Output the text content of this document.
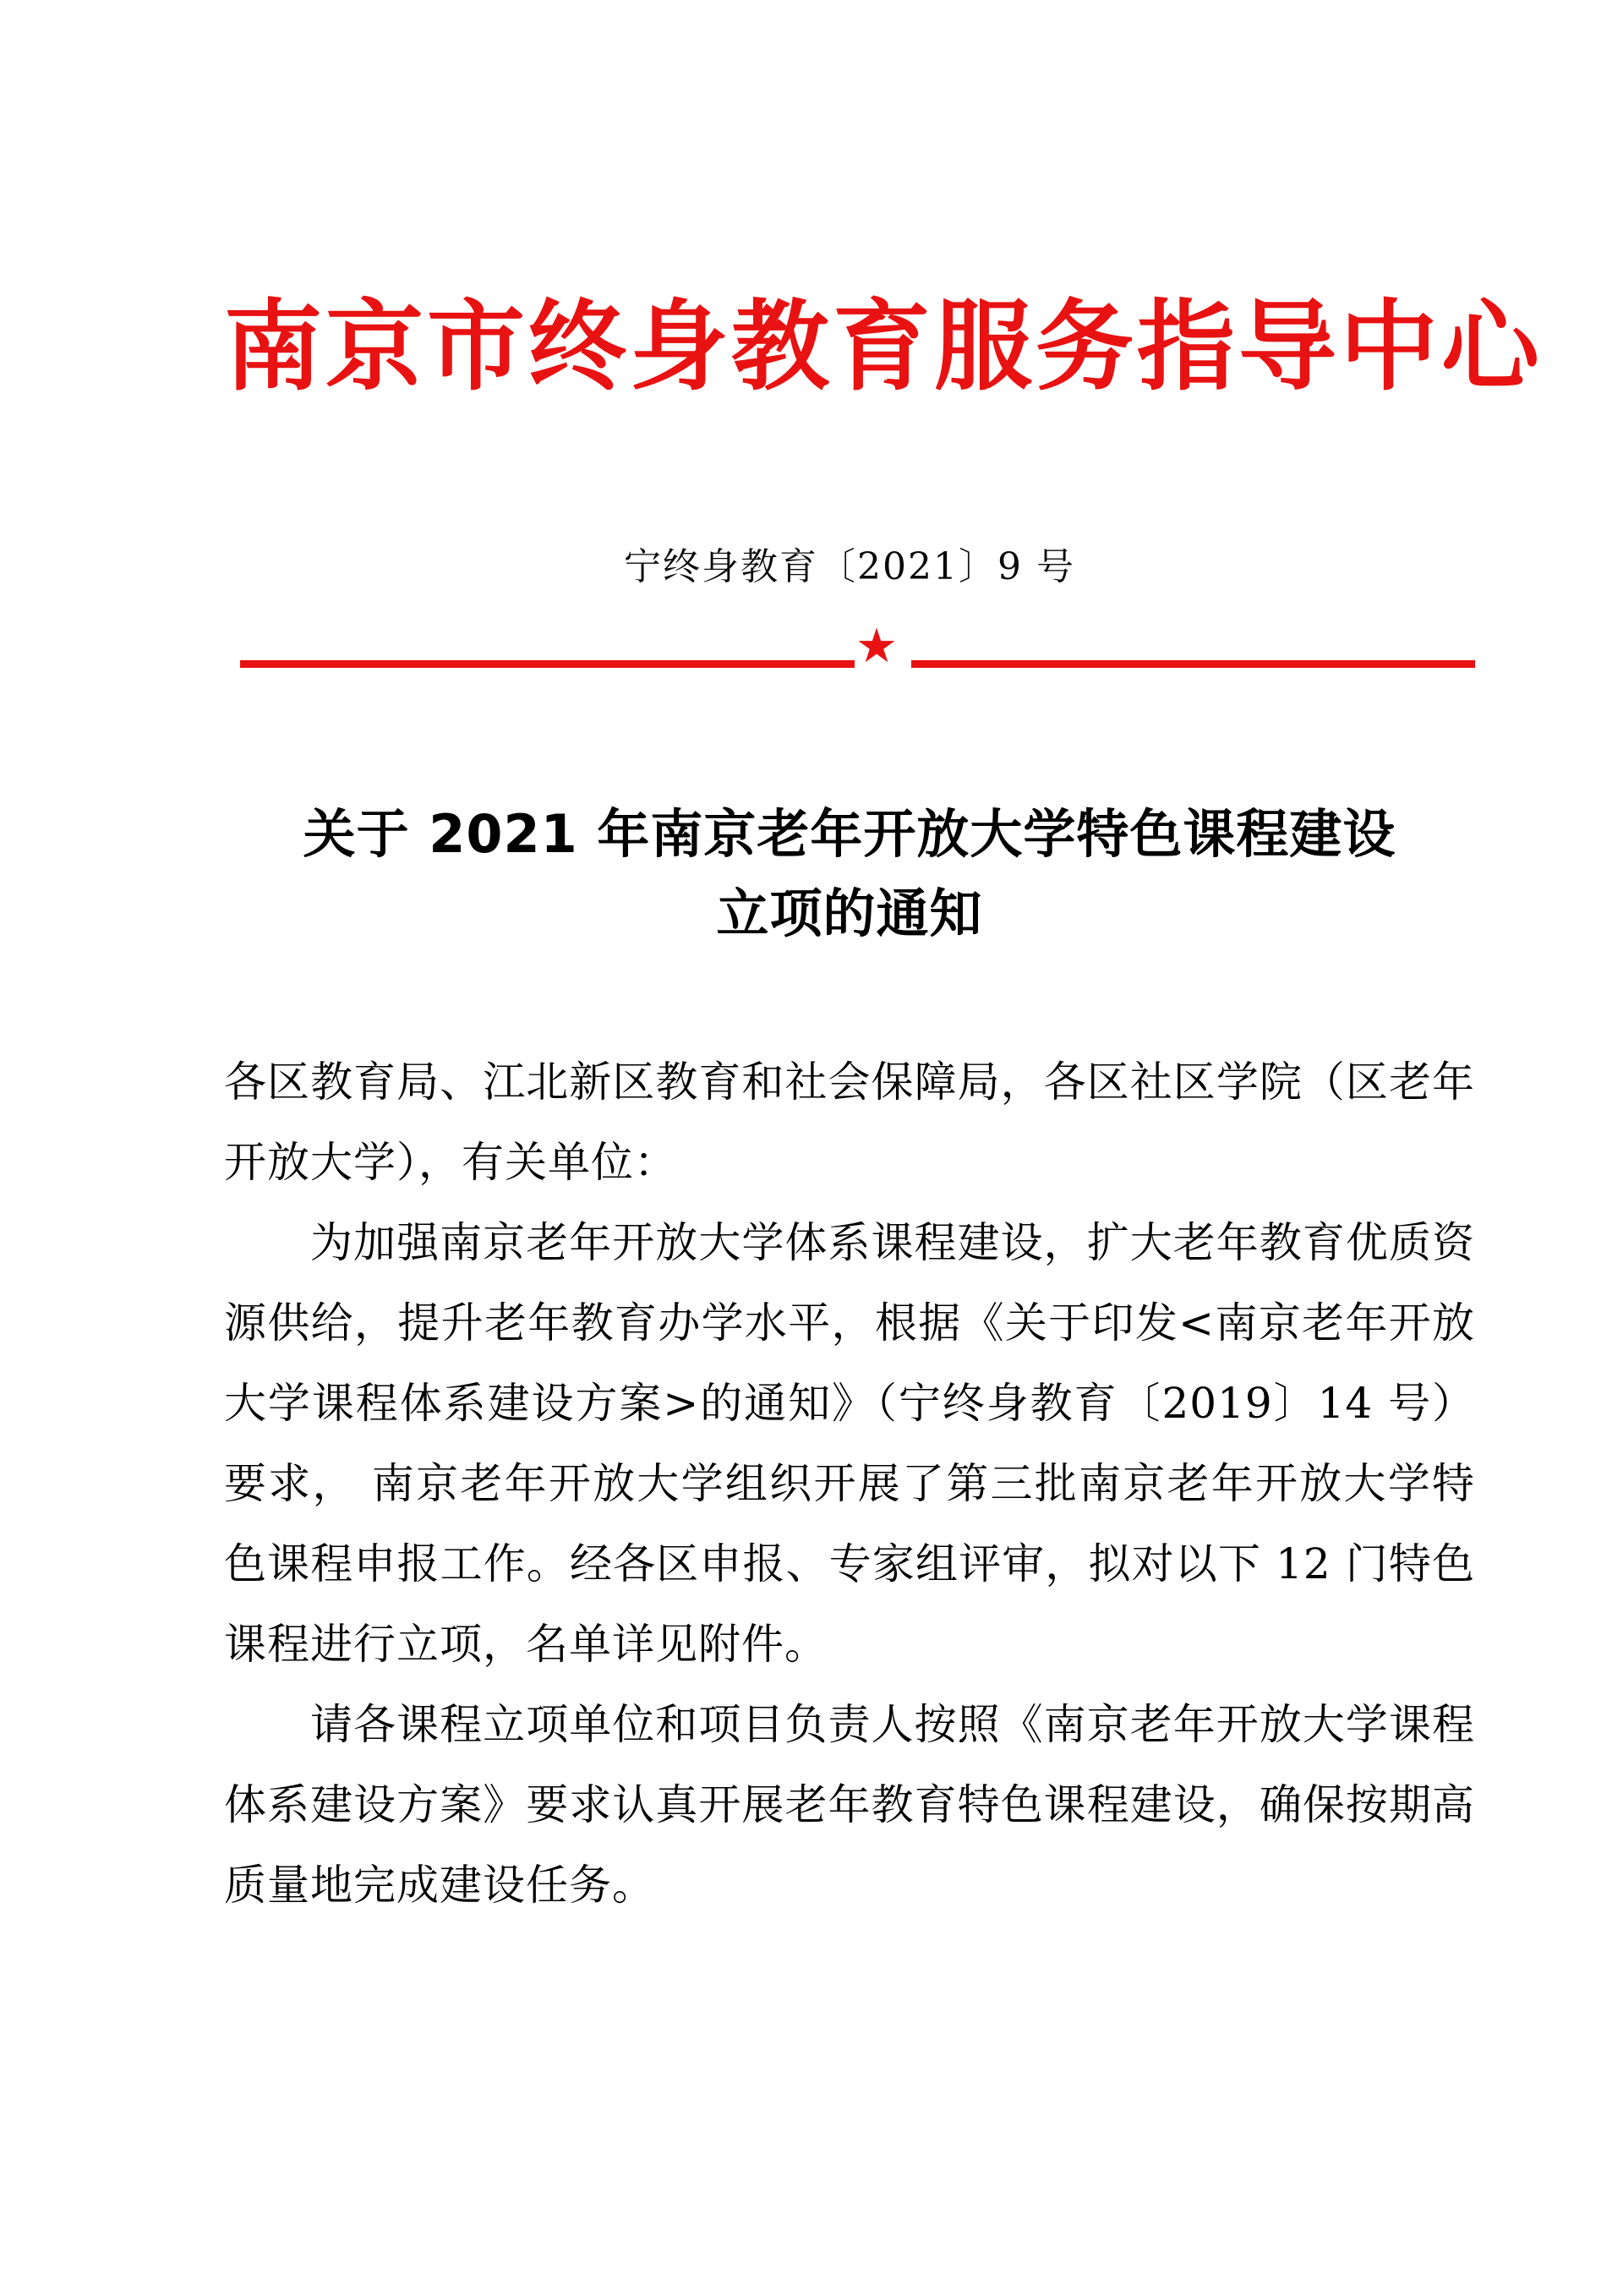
南京市终身教育服务指导中心
宁终身教育〔2021〕9 号
★
关于 2021 年南京老年开放大学特色课程建设
立项的通知

各区教育局、江北新区教育和社会保障局，各区社区学院（区老年开放大学），有关单位：

为加强南京老年开放大学体系课程建设，扩大老年教育优质资源供给，提升老年教育办学水平，根据《关于印发<南京老年开放大学课程体系建设方案>的通知》（宁终身教育〔2019〕14 号）要求， 南京老年开放大学组织开展了第三批南京老年开放大学特色课程申报工作。经各区申报、专家组评审，拟对以下 12 门特色课程进行立项，名单详见附件。

请各课程立项单位和项目负责人按照《南京老年开放大学课程体系建设方案》要求认真开展老年教育特色课程建设，确保按期高质量地完成建设任务。
